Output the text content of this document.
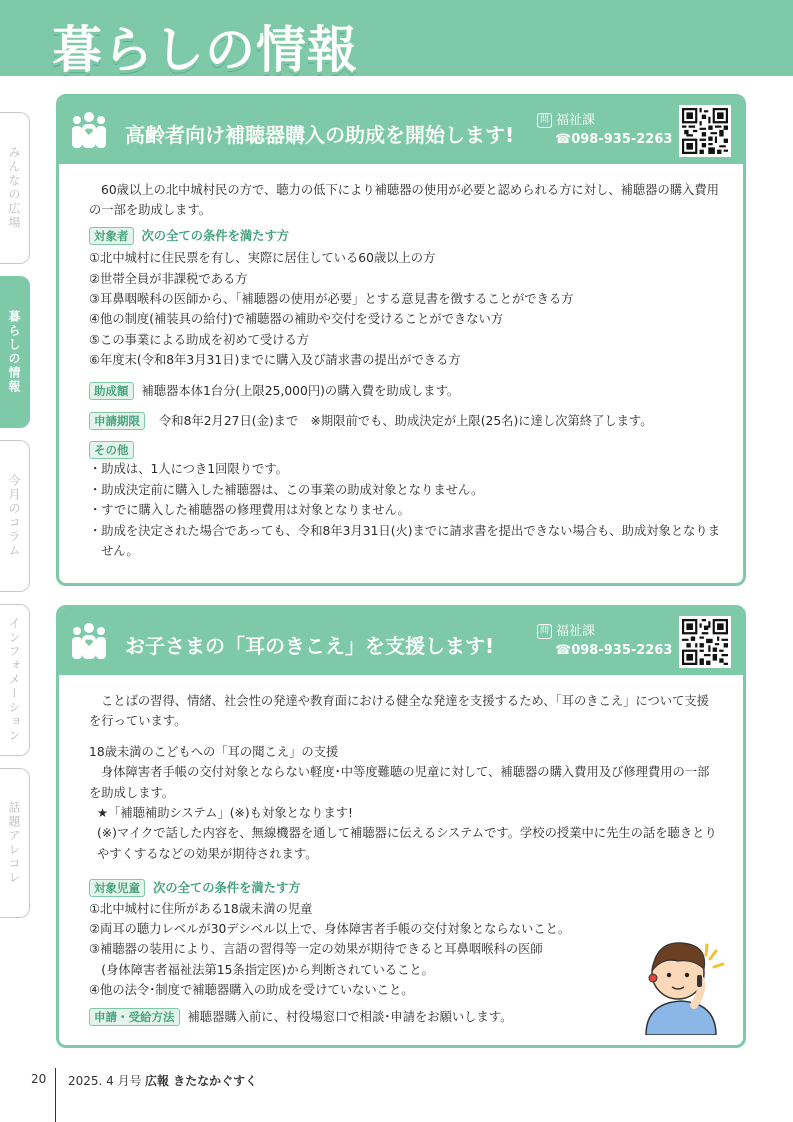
暮らしの情報
みんなの広場
暮らしの情報
今月のコラム
インフォメーション
話題アレコレ
高齢者向け補聴器購入の助成を開始します!
問 福祉課
☎098-935-2263
60歳以上の北中城村民の方で、聴力の低下により補聴器の使用が必要と認められる方に対し、補聴器の購入費用の一部を助成します。
対象者	次の全ての条件を満たす方
①北中城村に住民票を有し、実際に居住している60歳以上の方
②世帯全員が非課税である方
③耳鼻咽喉科の医師から、「補聴器の使用が必要」とする意見書を徴することができる方
④他の制度(補装具の給付)で補聴器の補助や交付を受けることができない方
⑤この事業による助成を初めて受ける方
⑥年度末(令和8年3月31日)までに購入及び請求書の提出ができる方
助成額	補聴器本体1台分(上限25,000円)の購入費を助成します。
申請期限	令和8年2月27日(金)まで　※期限前でも、助成決定が上限(25名)に達し次第終了します。
その他
・助成は、1人につき1回限りです。
・助成決定前に購入した補聴器は、この事業の助成対象となりません。
・すでに購入した補聴器の修理費用は対象となりません。
・助成を決定された場合であっても、令和8年3月31日(火)までに請求書を提出できない場合も、助成対象となりません。
お子さまの「耳のきこえ」を支援します!
問 福祉課
☎098-935-2263
ことばの習得、情緒、社会性の発達や教育面における健全な発達を支援するため、「耳のきこえ」について支援を行っています。
18歳未満のこどもへの「耳の聞こえ」の支援
身体障害者手帳の交付対象とならない軽度･中等度難聴の児童に対して、補聴器の購入費用及び修理費用の一部を助成します。
★「補聴補助システム」(※)も対象となります!
(※)マイクで話した内容を、無線機器を通して補聴器に伝えるシステムです。学校の授業中に先生の話を聴きとりやすくするなどの効果が期待されます。
対象児童	次の全ての条件を満たす方
①北中城村に住所がある18歳未満の児童
②両耳の聴力レベルが30デシベル以上で、身体障害者手帳の交付対象とならないこと。
③補聴器の装用により、言語の習得等一定の効果が期待できると耳鼻咽喉科の医師
　(身体障害者福祉法第15条指定医)から判断されていること。
④他の法令･制度で補聴器購入の助成を受けていないこと。
申請・受給方法	補聴器購入前に、村役場窓口で相談･申請をお願いします。
20 2025. 4 月号 広報 きたなかぐすく
